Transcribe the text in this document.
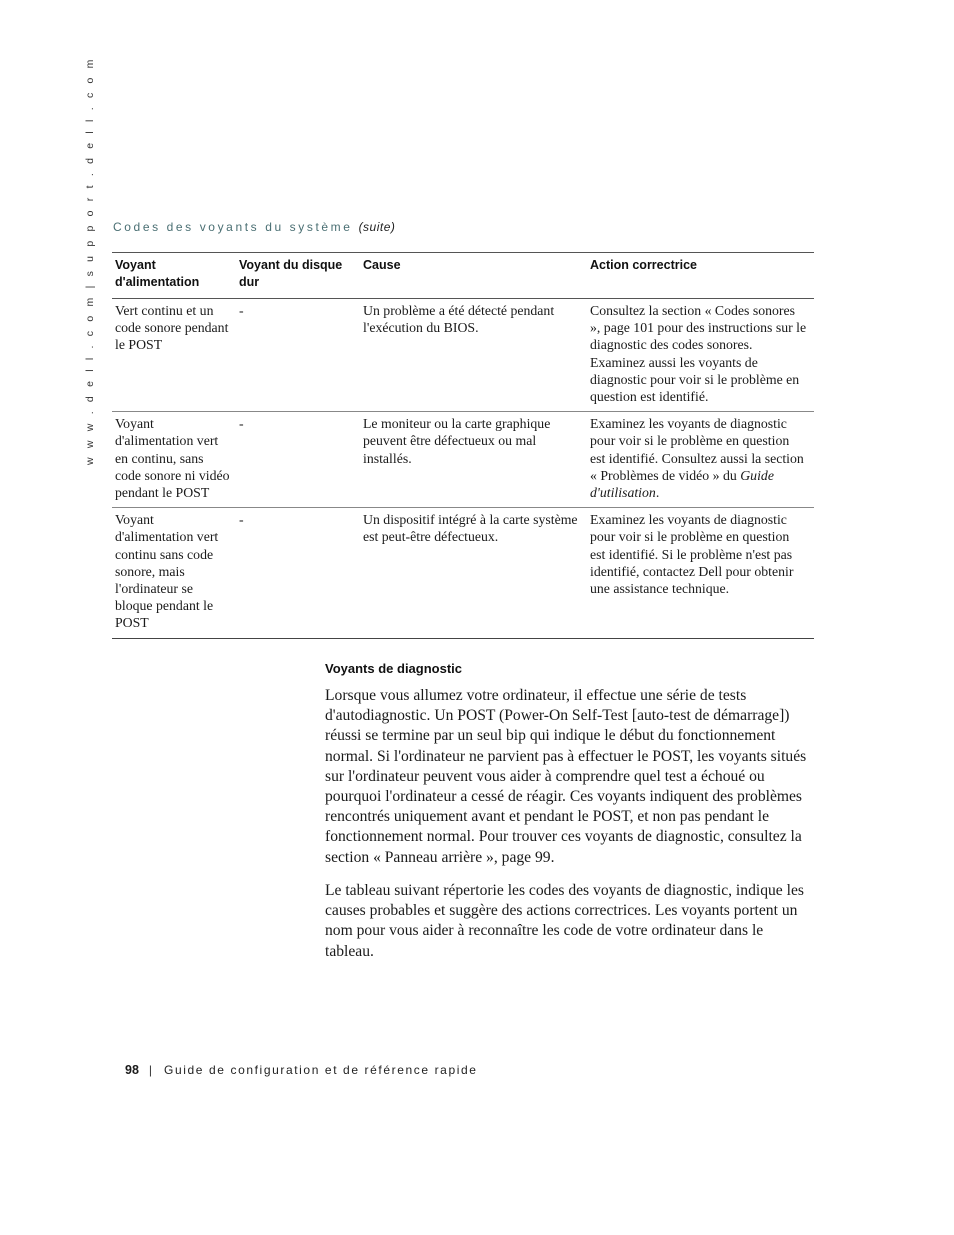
w w w . d e l l . c o m | s u p p o r t . d e l l . c o m Codes des voyants du système (suite)
Voyant d'alimentation	Voyant du disque dur	Cause	Action correctrice
Vert continu et un code sonore pendant le POST	-	Un problème a été détecté pendant l'exécution du BIOS.	Consultez la section « Codes sonores », page 101 pour des instructions sur le diagnostic des codes sonores. Examinez aussi les voyants de diagnostic pour voir si le problème en question est identifié.
Voyant d'alimentation vert en continu, sans code sonore ni vidéo pendant le POST	-	Le moniteur ou la carte graphique peuvent être défectueux ou mal installés.	Examinez les voyants de diagnostic pour voir si le problème en question est identifié. Consultez aussi la section « Problèmes de vidéo » du Guide d'utilisation.
Voyant d'alimentation vert continu sans code sonore, mais l'ordinateur se bloque pendant le POST	-	Un dispositif intégré à la carte système est peut-être défectueux.	Examinez les voyants de diagnostic pour voir si le problème en question est identifié. Si le problème n'est pas identifié, contactez Dell pour obtenir une assistance technique.
Voyants de diagnostic

Lorsque vous allumez votre ordinateur, il effectue une série de tests d'autodiagnostic. Un POST (Power-On Self-Test [auto-test de démarrage]) réussi se termine par un seul bip qui indique le début du fonctionnement normal. Si l'ordinateur ne parvient pas à effectuer le POST, les voyants situés sur l'ordinateur peuvent vous aider à comprendre quel test a échoué ou pourquoi l'ordinateur a cessé de réagir. Ces voyants indiquent des problèmes rencontrés uniquement avant et pendant le POST, et non pas pendant le fonctionnement normal. Pour trouver ces voyants de diagnostic, consultez la section « Panneau arrière », page 99.

Le tableau suivant répertorie les codes des voyants de diagnostic, indique les causes probables et suggère des actions correctrices. Les voyants portent un nom pour vous aider à reconnaître les code de votre ordinateur dans le tableau.

98 | Guide de configuration et de référence rapide
